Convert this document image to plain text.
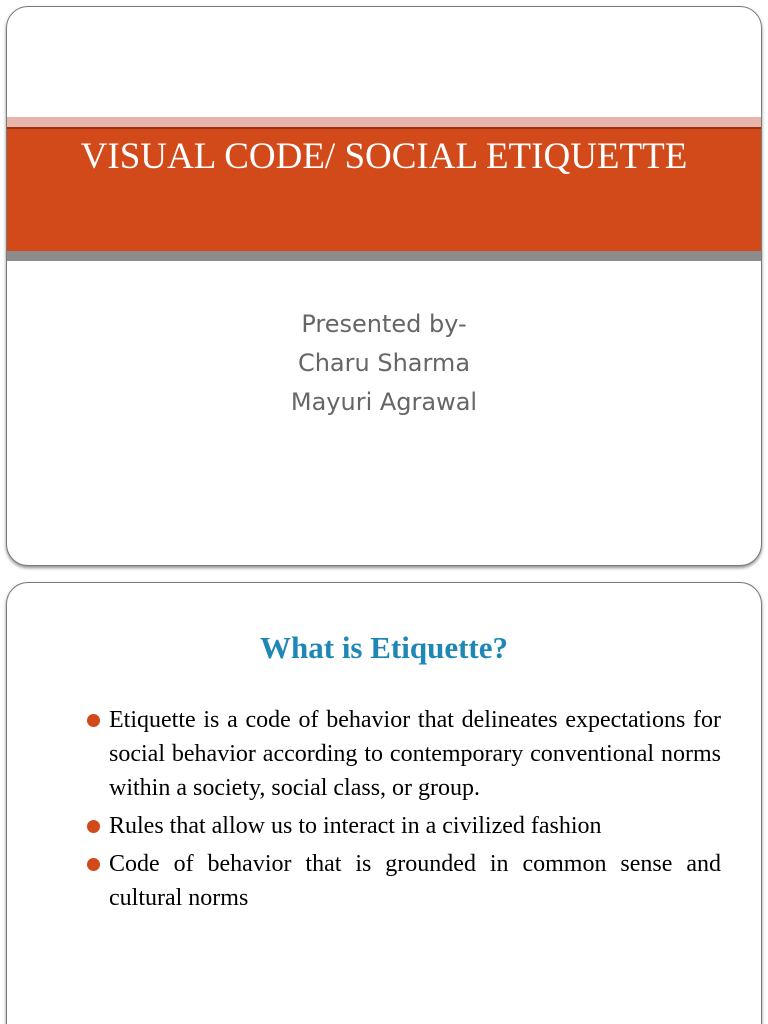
VISUAL CODE/ SOCIAL ETIQUETTE
Presented by-
Charu Sharma
Mayuri Agrawal
What is Etiquette?
Etiquette is a code of behavior that delineates expectations for social behavior according to contemporary conventional norms within a society, social class, or group.
Rules that allow us to interact in a civilized fashion
Code of behavior that is grounded in common sense and cultural norms
